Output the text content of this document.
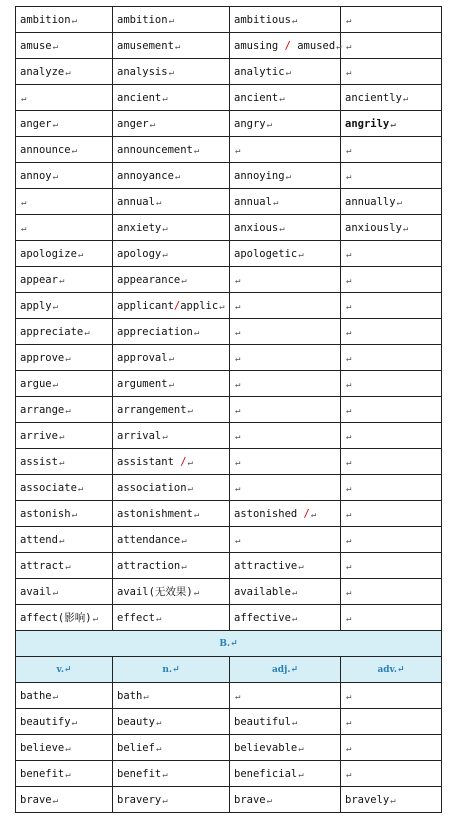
ambition↵	ambition↵	ambitious↵	↵
amuse↵	amusement↵	amusing / amused↵	↵
analyze↵	analysis↵	analytic↵	↵
↵	ancient↵	ancient↵	anciently↵
anger↵	anger↵	angry↵	angrily↵
announce↵	announcement↵	↵	↵
annoy↵	annoyance↵	annoying↵	↵
↵	annual↵	annual↵	annually↵
↵	anxiety↵	anxious↵	anxiously↵
apologize↵	apology↵	apologetic↵	↵
appear↵	appearance↵	↵	↵
apply↵	applicant/applic↵	↵	↵
appreciate↵	appreciation↵	↵	↵
approve↵	approval↵	↵	↵
argue↵	argument↵	↵	↵
arrange↵	arrangement↵	↵	↵
arrive↵	arrival↵	↵	↵
assist↵	assistant /↵	↵	↵
associate↵	association↵	↵	↵
astonish↵	astonishment↵	astonished /↵	↵
attend↵	attendance↵	↵	↵
attract↵	attraction↵	attractive↵	↵
avail↵	avail(无效果)↵	available↵	↵
affect(影响)↵	effect↵	affective↵	↵
B.↵			
v.↵	n.↵	adj.↵	adv.↵
bathe↵	bath↵	↵	↵
beautify↵	beauty↵	beautiful↵	↵
believe↵	belief↵	believable↵	↵
benefit↵	benefit↵	beneficial↵	↵
brave↵	bravery↵	brave↵	bravely↵
